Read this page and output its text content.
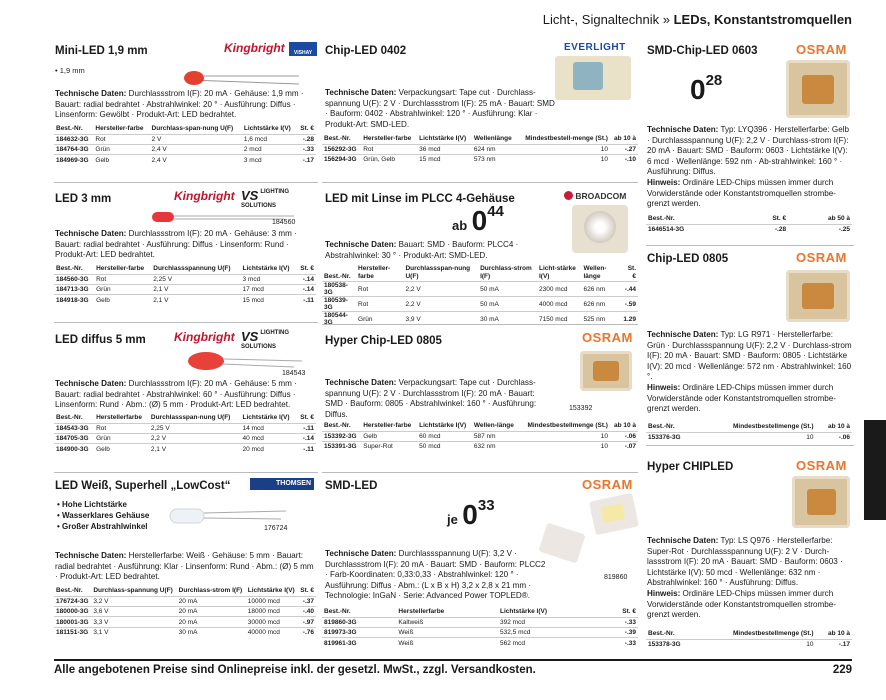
Licht-, Signaltechnik » LEDs, Konstantstromquellen
Mini-LED 1,9 mm	Kingbright	VISHAY
• 1,9 mm
Technische Daten: Durchlassstrom I(F): 20 mA · Gehäuse: 1,9 mm · Bauart: radial bedrahtet · Abstrahlwinkel: 20 ° · Ausführung: Diffus · Linsenform: Gewölbt · Produkt-Art: LED bedrahtet.
Best.-Nr.	Hersteller-farbe	Durchlass-span-nung U(F)	Lichtstärke I(V)	St. €
184632-3G	Rot	2 V	1,6 mcd	-.28
184764-3G	Grün	2,4 V	2 mcd	-.33
184969-3G	Gelb	2,4 V	3 mcd	-.17
LED 3 mm	Kingbright VS LIGHTING
SOLUTIONS
184560
Technische Daten: Durchlassstrom I(F): 20 mA · Gehäuse: 3 mm · Bauart: radial bedrahtet · Ausführung: Diffus · Linsenform: Rund · Produkt-Art: LED bedrahtet.
Best.-Nr.	Hersteller-farbe	Durchlassspannung U(F)	Lichtstärke I(V)	St. €
184560-3G	Rot	2,25 V	3 mcd	-.14
184713-3G	Grün	2,1 V	17 mcd	-.14
184918-3G	Gelb	2,1 V	15 mcd	-.11
LED diffus 5 mm Kingbright VS LIGHTING
SOLUTIONS
184543
Technische Daten: Durchlassstrom I(F): 20 mA · Gehäuse: 5 mm · Bauart: radial bedrahtet · Abstrahlwinkel: 60 ° · Ausführung: Diffus · Linsenform: Rund · Abm.: (Ø) 5 mm · Produkt-Art: LED bedrahtet.
Best.-Nr.	Herstellerfarbe	Durchlassspan-nung U(F)	Lichtstärke I(V)	St. €
184543-3G	Rot	2,25 V	14 mcd	-.11
184705-3G	Grün	2,2 V	40 mcd	-.14
184900-3G	Gelb	2,1 V	20 mcd	-.11
LED Weiß, Superhell „LowCost“	THOMSEN
• Hohe Lichtstärke
• Wasserklares Gehäuse
• Großer Abstrahlwinkel	176724
Technische Daten: Herstellerfarbe: Weiß · Gehäuse: 5 mm · Bauart: radial bedrahtet · Ausführung: Klar · Linsenform: Rund · Abm.: (Ø) 5 mm · Produkt-Art: LED bedrahtet.
Best.-Nr.	Durchlass-spannung U(F)	Durchlass-strom I(F)	Lichtstärke I(V)	St. €
176724-3G	3,2 V	20 mA	10000 mcd	-.37
180000-3G	3,6 V	20 mA	18000 mcd	-.40
180001-3G	3,3 V	20 mA	30000 mcd	-.97
181151-3G	3,1 V	30 mA	40000 mcd	-.76
Chip-LED 0402	EVERLIGHT
Technische Daten: Verpackungsart: Tape cut · Durchlass-spannung U(F): 2 V · Durchlassstrom I(F): 25 mA · Bauart: SMD · Bauform: 0402 · Abstrahlwinkel: 120 ° · Ausführung: Klar · Produkt-Art: SMD-LED.
Best.-Nr.	Hersteller-farbe	Lichtstärke I(V)	Wellenlänge	Mindestbestell-menge (St.)	ab 10 à
156292-3G	Rot	36 mcd	624 nm	10	-.27
156294-3G	Grün, Gelb	15 mcd	573 nm	10	-.10
LED mit Linse im PLCC 4-Gehäuse	BROADCOM
ab $0^{44}$
Technische Daten: Bauart: SMD · Bauform: PLCC4 · Abstrahlwinkel: 30 ° · Produkt-Art: SMD-LED.
Best.-Nr.	Hersteller-farbe	Durchlassspan-nung U(F)	Durchlass-strom I(F)	Licht-stärke I(V)	Wellen-länge	St. €
180538-3G	Rot	2,2 V	50 mA	2300 mcd	626 nm	-.44
180539-3G	Rot	2,2 V	50 mA	4000 mcd	626 nm	-.59
180544-3G	Grün	3,9 V	30 mA	7150 mcd	525 nm	1.29
Hyper Chip-LED 0805	OSRAM
153392
Technische Daten: Verpackungsart: Tape cut · Durchlass-spannung U(F): 2 V · Durchlassstrom I(F): 20 mA · Bauart: SMD · Bauform: 0805 · Abstrahlwinkel: 160 ° · Ausführung: Diffus.
Best.-Nr.	Hersteller-farbe	Lichtstärke I(V)	Wellen-länge	Mindestbestellmenge (St.)	ab 10 à
153392-3G	Gelb	60 mcd	587 nm	10	-.06
153391-3G	Super-Rot	50 mcd	632 nm	10	-.07
SMD-LED	OSRAM
je $0^{33}$
819860
Technische Daten: Durchlassspannung U(F): 3,2 V · Durchlassstrom I(F): 20 mA · Bauart: SMD · Bauform: PLCC2 · Farb-Koordinaten: 0,33:0,33 · Abstrahlwinkel: 120 ° · Ausführung: Diffus · Abm.: (L x B x H) 3,2 x 2,8 x 21 mm · Technologie: InGaN · Serie: Advanced Power TOPLED®.
Best.-Nr.	Herstellerfarbe	Lichtstärke I(V)	St. €
819860-3G	Kaltweiß	392 mcd	-.33
819973-3G	Weiß	532,5 mcd	-.39
819961-3G	Weiß	562 mcd	-.33
SMD-Chip-LED 0603	OSRAM
$0^{28}$
Technische Daten: Typ: LYQ396 · Herstellerfarbe: Gelb · Durchlassspannung U(F): 2,2 V · Durchlass-strom I(F): 20 mA · Bauart: SMD · Bauform: 0603 · Lichtstärke I(V): 6 mcd · Wellenlänge: 592 nm · Ab-strahlwinkel: 160 ° · Ausführung: Diffus.
Hinweis: Ordinäre LED-Chips müssen immer durch Vorwiderstände oder Konstantstromquellen strombe-grenzt werden.
Best.-Nr.	St. €	ab 50 à
1646514-3G	-.28	-.25
Chip-LED 0805	OSRAM
Technische Daten: Typ: LG R971 · Herstellerfarbe: Grün · Durchlassspannung U(F): 2,2 V · Durchlass-strom I(F): 20 mA · Bauart: SMD · Bauform: 0805 · Lichtstärke I(V): 20 mcd · Wellenlänge: 572 nm · Abstrahlwinkel: 160 °.
Hinweis: Ordinäre LED-Chips müssen immer durch Vorwiderstände oder Konstantstromquellen strombe-grenzt werden.
Best.-Nr.	Mindestbestellmenge (St.)	ab 10 à
153376-3G	10	-.06
Hyper CHIPLED	OSRAM
Technische Daten: Typ: LS Q976 · Herstellerfarbe: Super-Rot · Durchlassspannung U(F): 2 V · Durch-lassstrom I(F): 20 mA · Bauart: SMD · Bauform: 0603 · Lichtstärke I(V): 50 mcd · Wellenlänge: 632 nm · Abstrahlwinkel: 160 ° · Ausführung: Diffus.
Hinweis: Ordinäre LED-Chips müssen immer durch Vorwiderstände oder Konstantstromquellen strombe-grenzt werden.
Best.-Nr.	Mindestbestellmenge (St.)	ab 10 à
153378-3G	10	-.17
Alle angebotenen Preise sind Onlinepreise inkl. der gesetzl. MwSt., zzgl. Versandkosten.	229
